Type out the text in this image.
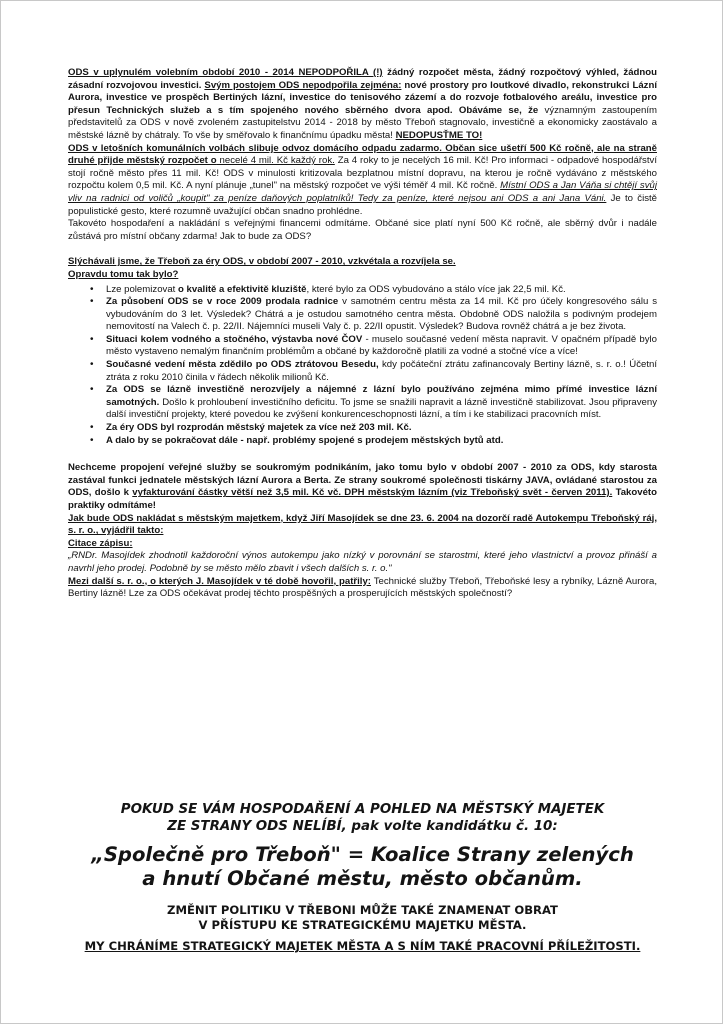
ODS v uplynulém volebním období 2010 - 2014 NEPODPOŘILA (!) žádný rozpočet města, žádný rozpočtový výhled, žádnou zásadní rozvojovou investici. Svým postojem ODS nepodpořila zejména: nové prostory pro loutkové divadlo, rekonstrukci Lázní Aurora, investice ve prospěch Bertiných lázní, investice do tenisového zázemí a do rozvoje fotbalového areálu, investice pro přesun Technických služeb a s tím spojeného nového sběrného dvora apod. Obáváme se, že významným zastoupením představitelů za ODS v nově zvoleném zastupitelstvu 2014 - 2018 by město Třeboň stagnovalo, investičně a ekonomicky zaostávalo a městské lázně by chátraly. To vše by směřovalo k finančnímu úpadku města! NEDOPUSŤME TO!

ODS v letošních komunálních volbách slibuje odvoz domácího odpadu zadarmo. Občan sice ušetří 500 Kč ročně, ale na straně druhé přijde městský rozpočet o necelé 4 mil. Kč každý rok. Za 4 roky to je necelých 16 mil. Kč! Pro informaci - odpadové hospodářství stojí ročně město přes 11 mil. Kč! ODS v minulosti kritizovala bezplatnou místní dopravu, na kterou je ročně vydáváno z městského rozpočtu kolem 0,5 mil. Kč. A nyní plánuje „tunel" na městský rozpočet ve výši téměř 4 mil. Kč ročně. Místní ODS a Jan Váňa si chtějí svůj vliv na radnici od voličů „koupit" za peníze daňových poplatníků! Tedy za peníze, které nejsou ani ODS a ani Jana Váni. Je to čistě populistické gesto, které rozumně uvažující občan snadno prohlédne.

Takovéto hospodaření a nakládání s veřejnými financemi odmítáme. Občané sice platí nyní 500 Kč ročně, ale sběrný dvůr i nadále zůstává pro místní občany zdarma! Jak to bude za ODS?

Slýchávali jsme, že Třeboň za éry ODS, v období 2007 - 2010, vzkvétala a rozvíjela se.

Opravdu tomu tak bylo?

• Lze polemizovat o kvalitě a efektivitě kluziště, které bylo za ODS vybudováno a stálo více jak 22,5 mil. Kč.
• Za působení ODS se v roce 2009 prodala radnice v samotném centru města za 14 mil. Kč pro účely kongresového sálu s vybudováním do 3 let. Výsledek? Chátrá a je ostudou samotného centra města. Obdobně ODS naložila s podivným prodejem nemovitostí na Valech č. p. 22/II. Nájemníci museli Valy č. p. 22/II opustit. Výsledek? Budova rovněž chátrá a je bez života.
• Situaci kolem vodného a stočného, výstavba nové ČOV - muselo současné vedení města napravit. V opačném případě bylo město vystaveno nemalým finančním problémům a občané by každoročně platili za vodné a stočné více a více!
• Současné vedení města zdědilo po ODS ztrátovou Besedu, kdy počáteční ztrátu zafinancovaly Bertiny lázně, s. r. o.! Účetní ztráta z roku 2010 činila v řádech několik milionů Kč.
• Za ODS se lázně investičně nerozvíjely a nájemné z lázní bylo používáno zejména mimo přímé investice lázní samotných. Došlo k prohloubení investičního deficitu. To jsme se snažili napravit a lázně investičně stabilizovat. Jsou připraveny další investiční projekty, které povedou ke zvýšení konkurenceschopnosti lázní, a tím i ke stabilizaci pracovních míst.
• Za éry ODS byl rozprodán městský majetek za více než 203 mil. Kč.
• A dalo by se pokračovat dále - např. problémy spojené s prodejem městských bytů atd.

Nechceme propojení veřejné služby se soukromým podnikáním, jako tomu bylo v období 2007 - 2010 za ODS, kdy starosta zastával funkci jednatele městských lázní Aurora a Berta. Ze strany soukromé společnosti tiskárny JAVA, ovládané starostou za ODS, došlo k vyfakturování částky větší než 3,5 mil. Kč vč. DPH městským lázním (viz Třeboňský svět - červen 2011). Takovéto praktiky odmítáme!

Jak bude ODS nakládat s městským majetkem, když Jiří Masojídek se dne 23. 6. 2004 na dozorčí radě Autokempu Třeboňský ráj, s. r. o., vyjádřil takto:

Citace zápisu:

„RNDr. Masojídek zhodnotil každoroční výnos autokempu jako nízký v porovnání se starostmi, které jeho vlastnictví a provoz přináší a navrhl jeho prodej. Podobně by se město mělo zbavit i všech dalších s. r. o."

Mezi další s. r. o., o kterých J. Masojídek v té době hovořil, patřily: Technické služby Třeboň, Třeboňské lesy a rybníky, Lázně Aurora, Bertiny lázně! Lze za ODS očekávat prodej těchto prospěšných a prosperujících městských společností?

POKUD SE VÁM HOSPODAŘENÍ A POHLED NA MĚSTSKÝ MAJETEK
ZE STRANY ODS NELÍBÍ, pak volte kandidátku č. 10:
„Společně pro Třeboň" = Koalice Strany zelených
a hnutí Občané městu, město občanům.
ZMĚNIT POLITIKU V TŘEBONI MŮŽE TAKÉ ZNAMENAT OBRAT
V PŘÍSTUPU KE STRATEGICKÉMU MAJETKU MĚSTA.
MY CHRÁNÍME STRATEGICKÝ MAJETEK MĚSTA A S NÍM TAKÉ PRACOVNÍ PŘÍLEŽITOSTI.
